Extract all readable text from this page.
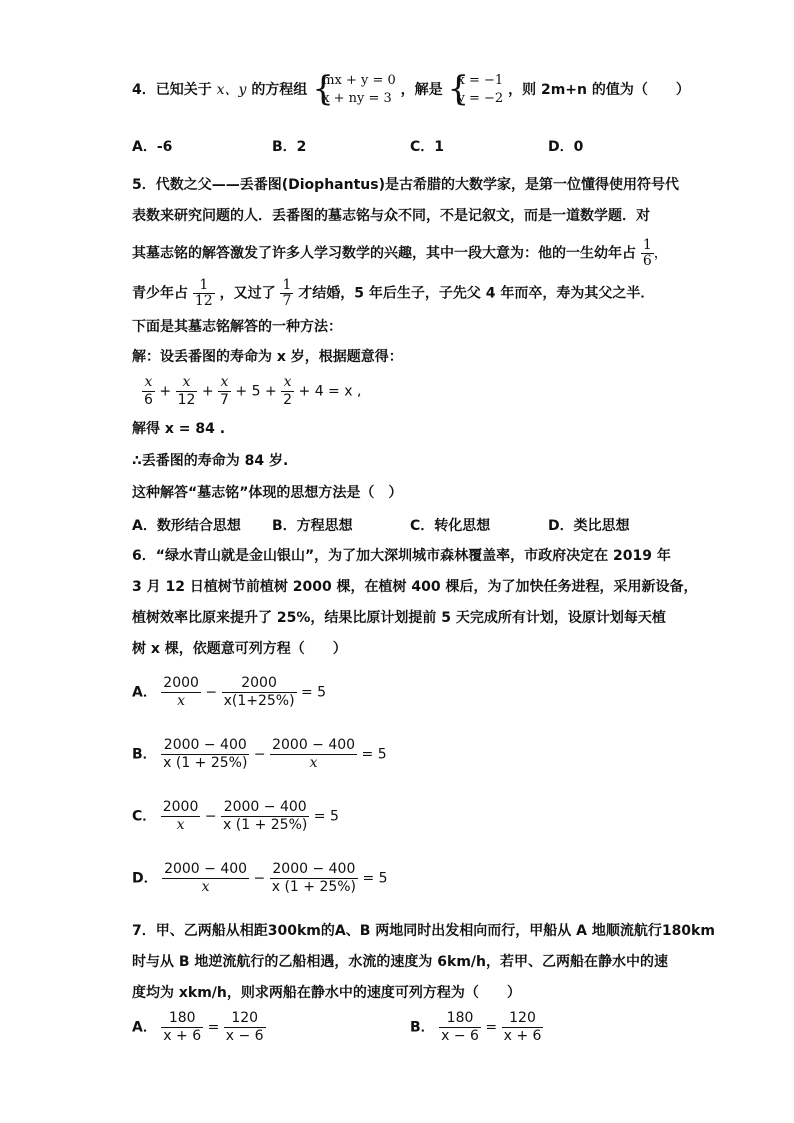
4．已知关于 x、y 的方程组 {
mx + y = 0
x + ny = 3
，解是 {
x = −1
y = −2
，则 2m+n 的值为（　　）
A．-6	B．2	C．1	D．0
5．代数之父——丢番图(Diophantus)是古希腊的大数学家，是第一位懂得使用符号代
表数来研究问题的人．丢番图的墓志铭与众不同，不是记叙文，而是一道数学题．对
其墓志铭的解答激发了许多人学习数学的兴趣，其中一段大意为：他的一生幼年占 $\frac{1}{6}$ ，
青少年占 $\frac{1}{12}$ ，又过了 $\frac{1}{7}$ 才结婚，5 年后生子，子先父 4 年而卒，寿为其父之半．
下面是其墓志铭解答的一种方法：
解：设丢番图的寿命为 x 岁，根据题意得：
$\frac{x}{6} + \frac{x}{12} + \frac{x}{7} + 5 + \frac{x}{2} + 4 = x$ ,
解得 x = 84 .
∴丢番图的寿命为 84 岁.
这种解答“墓志铭”体现的思想方法是（　）
A．数形结合思想 B．方程思想	C．转化思想	D．类比思想
6．“绿水青山就是金山银山”，为了加大深圳城市森林覆盖率，市政府决定在 2019 年
3 月 12 日植树节前植树 2000 棵，在植树 400 棵后，为了加快任务进程，采用新设备，
植树效率比原来提升了 25%，结果比原计划提前 5 天完成所有计划，设原计划每天植
树 x 棵，依题意可列方程（　　）
A． $\frac{2000}{x} - \frac{2000}{x(1+25\%)} = 5$
B． $\frac{2000 - 400}{x (1 + 25\%)} - \frac{2000 - 400}{x} = 5$
C． $\frac{2000}{x} - \frac{2000 - 400}{x (1 + 25\%)} = 5$
D． $\frac{2000 - 400}{x} - \frac{2000 - 400}{x (1 + 25\%)} = 5$
7．甲、乙两船从相距300km的A、B 两地同时出发相向而行，甲船从 A 地顺流航行180km
时与从 B 地逆流航行的乙船相遇，水流的速度为 6km/h，若甲、乙两船在静水中的速
度均为 xkm/h，则求两船在静水中的速度可列方程为（　　）
A． $\frac{180}{x + 6} = \frac{120}{x - 6}$	B． $\frac{180}{x - 6} = \frac{120}{x + 6}$
